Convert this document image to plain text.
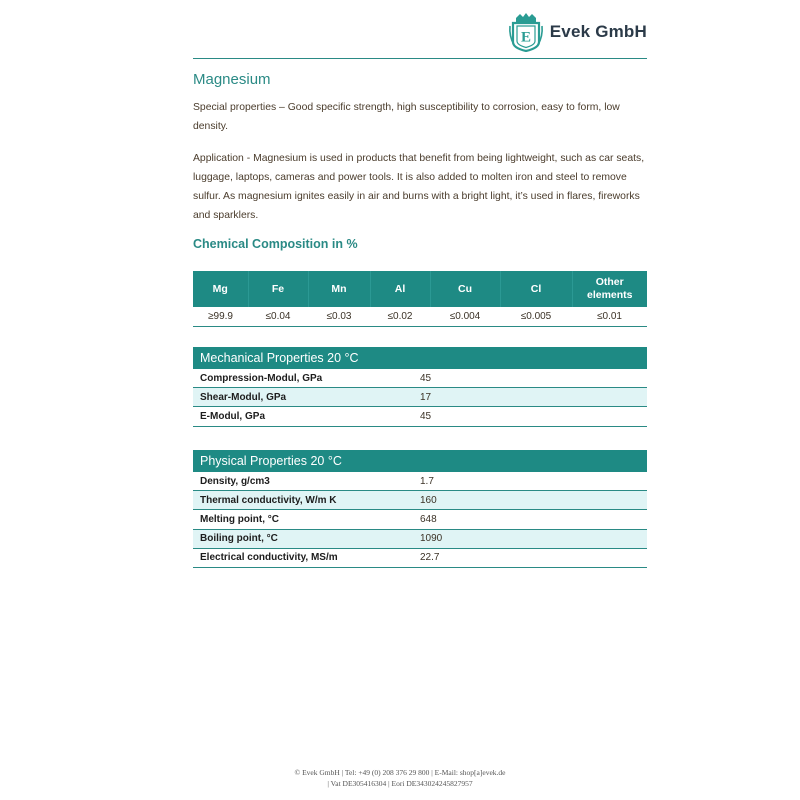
E Evek GmbH
Magnesium
Special properties – Good specific strength, high susceptibility to corrosion, easy to form, low density.
Application - Magnesium is used in products that benefit from being lightweight, such as car seats, luggage, laptops, cameras and power tools. It is also added to molten iron and steel to remove sulfur. As magnesium ignites easily in air and burns with a bright light, it’s used in flares, fireworks and sparklers.
Chemical Composition in %
Mg	Fe	Mn	Al	Cu	Cl	Other elements
≥99.9	≤0.04	≤0.03	≤0.02	≤0.004	≤0.005	≤0.01
Mechanical Properties 20 °C	
Compression-Modul, GPa	45
Shear-Modul, GPa	17
E-Modul, GPa	45
Physical Properties 20 °C	
Density, g/cm3	1.7
Thermal conductivity, W/m K	160
Melting point, °C	648
Boiling point, °C	1090
Electrical conductivity, MS/m	22.7
© Evek GmbH | Tel: +49 (0) 208 376 29 800 | E-Mail: shop[a]evek.de
| Vat DE305416304 | Eori DE343024245827957
